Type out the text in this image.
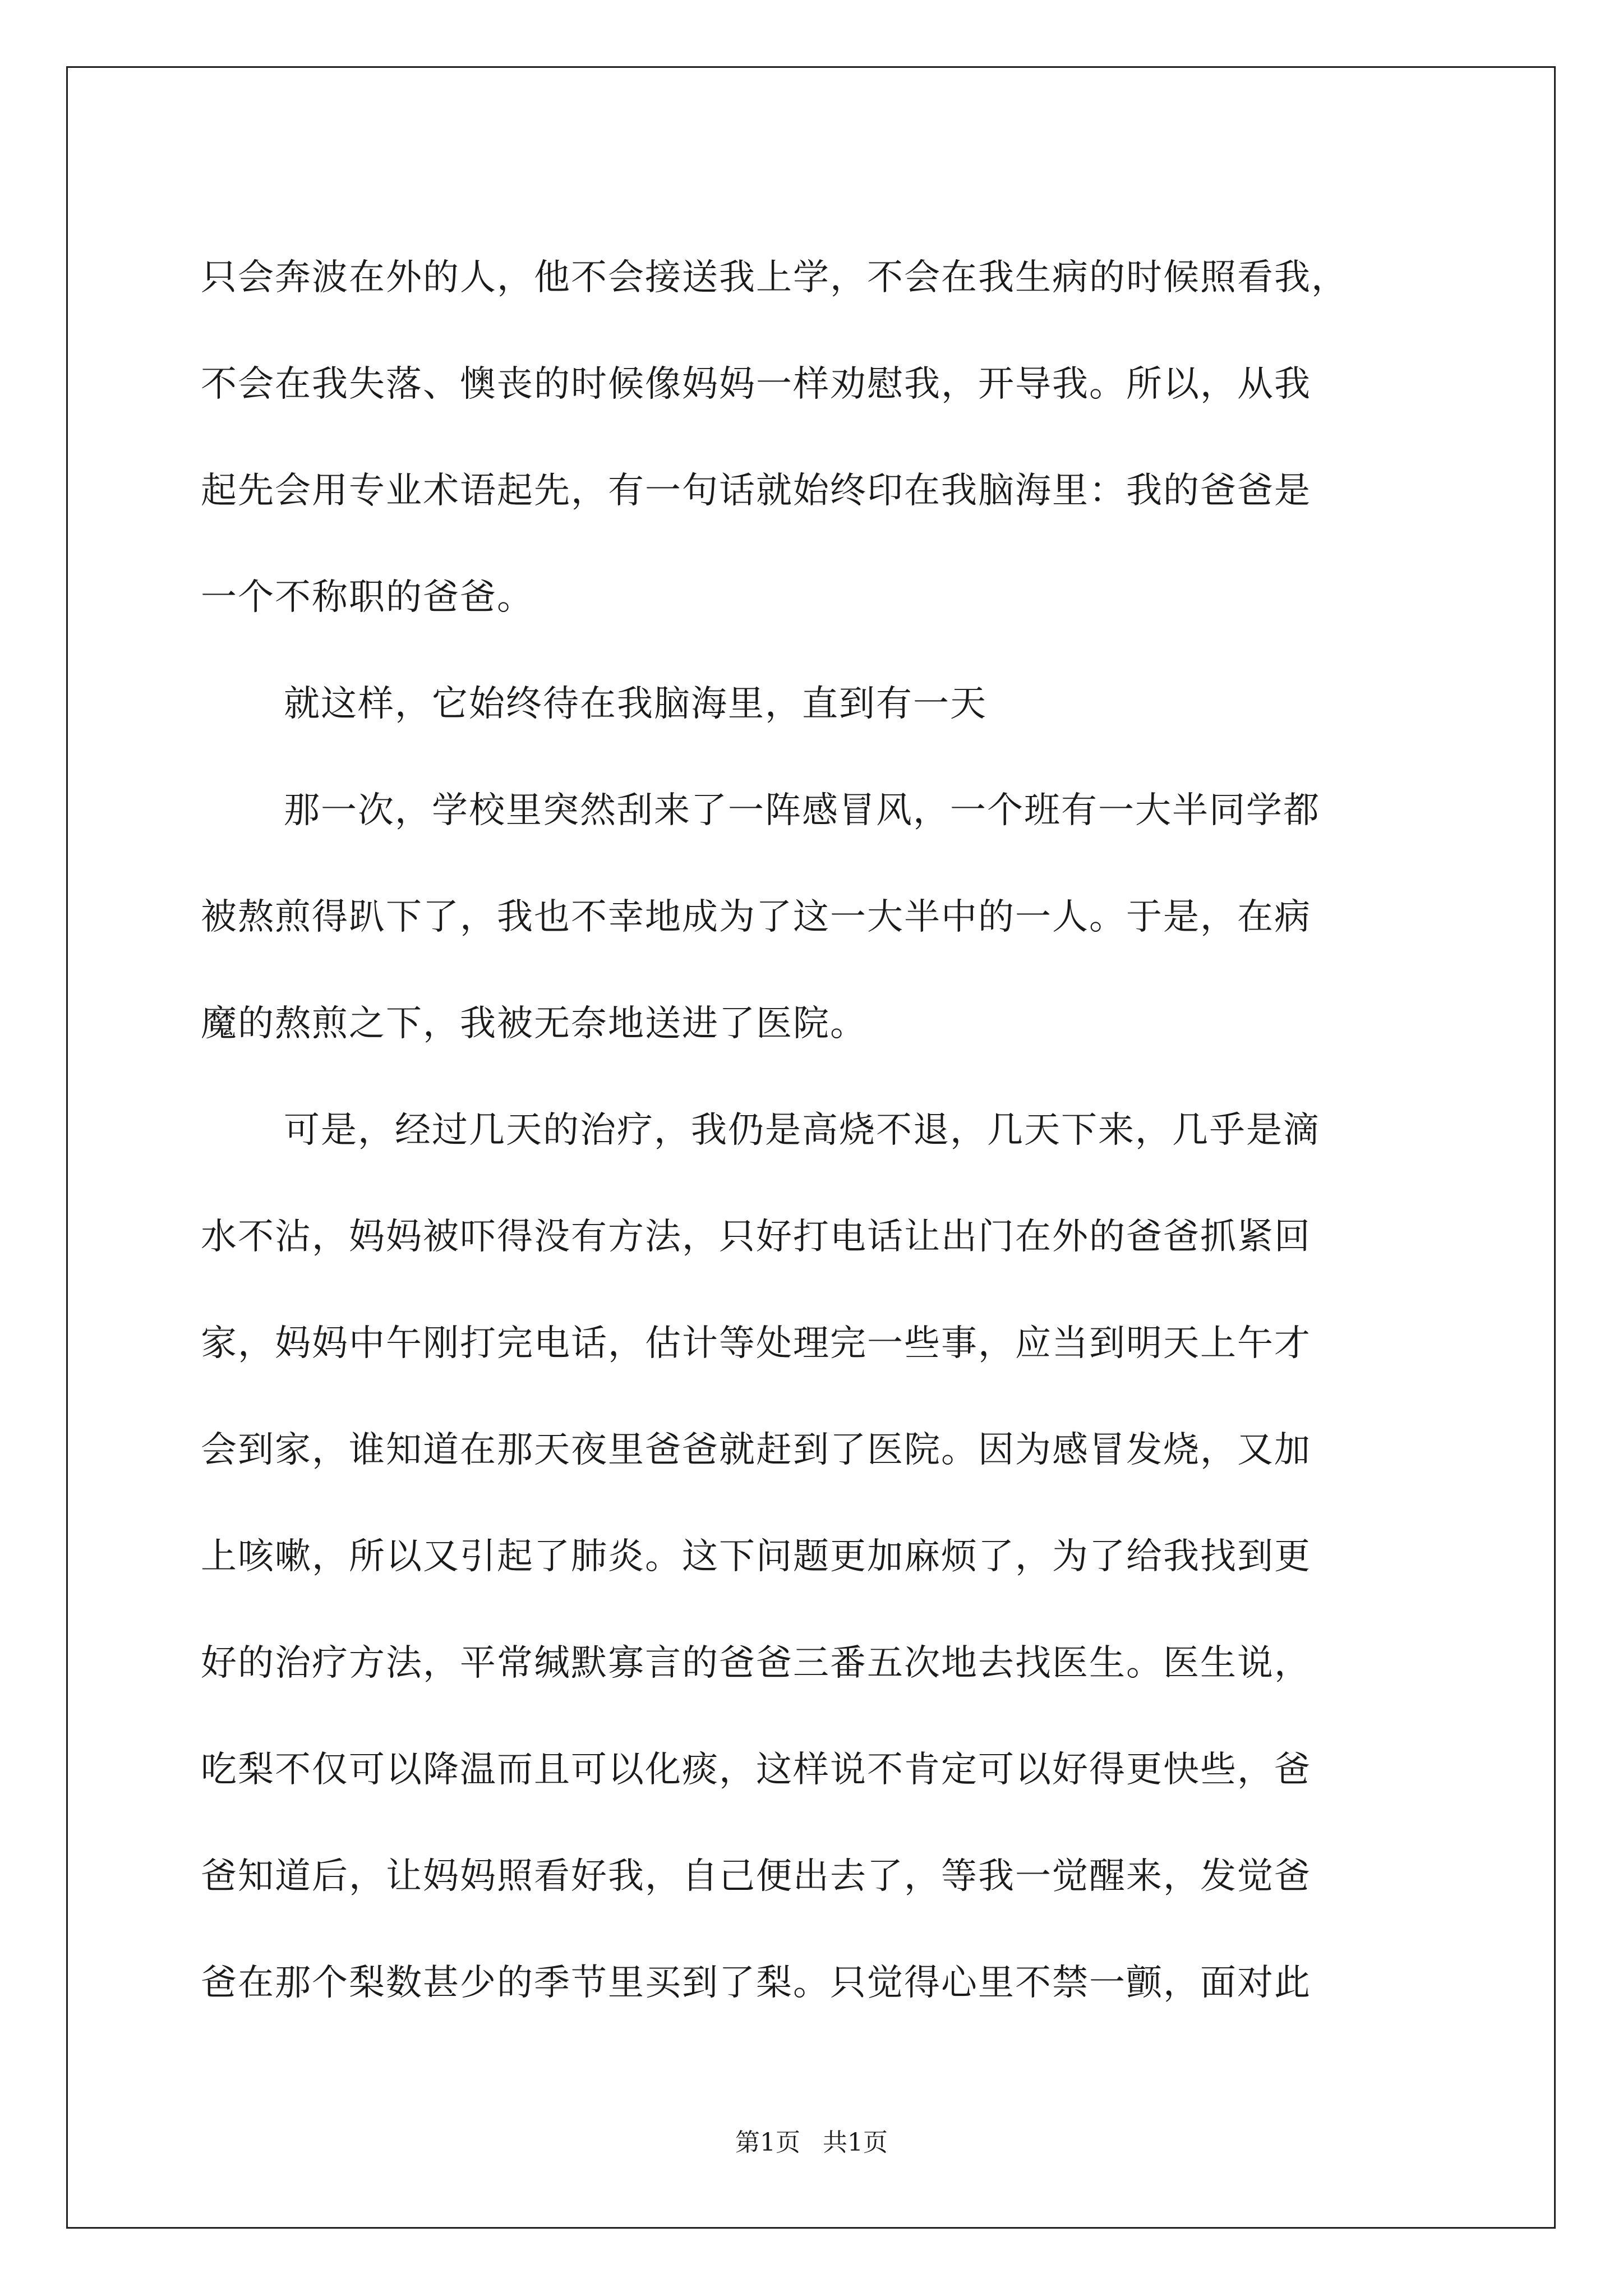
只会奔波在外的人，他不会接送我上学，不会在我生病的时候照看我，
不会在我失落、懊丧的时候像妈妈一样劝慰我，开导我。所以，从我
起先会用专业术语起先，有一句话就始终印在我脑海里：我的爸爸是
一个不称职的爸爸。
就这样，它始终待在我脑海里，直到有一天
那一次，学校里突然刮来了一阵感冒风，一个班有一大半同学都
被熬煎得趴下了，我也不幸地成为了这一大半中的一人。于是，在病
魔的熬煎之下，我被无奈地送进了医院。
可是，经过几天的治疗，我仍是高烧不退，几天下来，几乎是滴
水不沾，妈妈被吓得没有方法，只好打电话让出门在外的爸爸抓紧回
家，妈妈中午刚打完电话，估计等处理完一些事，应当到明天上午才
会到家，谁知道在那天夜里爸爸就赶到了医院。因为感冒发烧，又加
上咳嗽，所以又引起了肺炎。这下问题更加麻烦了，为了给我找到更
好的治疗方法，平常缄默寡言的爸爸三番五次地去找医生。医生说，
吃梨不仅可以降温而且可以化痰，这样说不肯定可以好得更快些，爸
爸知道后，让妈妈照看好我，自己便出去了，等我一觉醒来，发觉爸
爸在那个梨数甚少的季节里买到了梨。只觉得心里不禁一颤，面对此
第1页 共1页
